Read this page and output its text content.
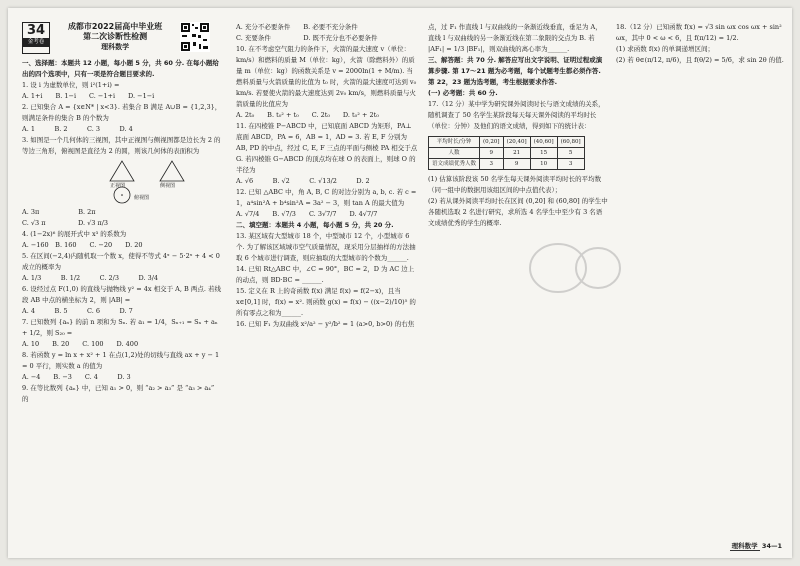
34
金考卷

成都市2022届高中毕业班
第二次诊断性检测
理科数学

一、选择题：本题共 12 小题，每小题 5 分，共 60 分. 在每小题给出的四个选项中，只有一项是符合题目要求的.

1. 设 i 为虚数单位，则 i²(1+i) =

A. 1+i　　B. 1−i　　C. −1+i　　D. −1−i

2. 已知集合 A = {x∈N* | x<3}. 若集合 B 满足 A∪B = {1,2,3}，则满足条件的集合 B 的个数为

A. 1　　　B. 2　　　C. 3　　　D. 4

3. 如图是一个几何体的三视图，其中正视图与侧视图都是边长为 2 的等边三角形，俯视图是直径为 2 的圆，则该几何体的表面积为

正视图	侧视图
俯视图

A. 3π　　　　　　B. 2π

C. √3 π　　　　　D. √3 π/3

4. (1−2x)⁶ 的展开式中 x³ 的系数为

A. −160　B. 160　　C. −20　　D. 20

5. 在区间(−2,4)内随机取一个数 x，使得不等式 4ˣ − 5·2ˣ + 4 < 0 成立的概率为

A. 1/3　　　B. 1/2　　　C. 2/3　　　D. 3/4

6. 设经过点 F(1,0) 的直线与抛物线 y² = 4x 相交于 A, B 两点. 若线段 AB 中点的横坐标为 2，则 |AB| =

A. 4　　　B. 5　　　C. 6　　　D. 7

7. 已知数列 {aₙ} 的前 n 项和为 Sₙ. 若 a₁ = 1/4，Sₙ₊₁ = Sₙ + aₙ + 1/2，则 S₂₀ =

A. 10　　B. 20　　C. 100　　D. 400

8. 若函数 y = ln x + x² + 1 在点(1,2)处的切线与直线 ax + y − 1 = 0 平行，则实数 a 的值为

A. −4　　B. −3　　C. 4　　　D. 3

9. 在等比数列 {aₙ} 中，已知 a₁ > 0，则 “a₂ > a₃” 是 “a₃ > a₄” 的

A. 充分不必要条件　　B. 必要不充分条件

C. 充要条件　　　　　D. 既不充分也不必要条件

10. 在不考虑空气阻力的条件下，火箭的最大速度 v（单位：km/s）和燃料的质量 M（单位：kg），火箭（除燃料外）的质量 m（单位：kg）的函数关系是 v = 2000ln(1 + M/m). 当燃料质量与火箭质量的比值为 t₀ 时，火箭的最大速度可达到 v₀ km/s. 若要使火箭的最大速度达到 2v₀ km/s，则燃料质量与火箭质量的比值应为

A. 2t₀　　B. t₀² + t₀　　C. 2t₀　　D. t₀² + 2t₀

11. 在四棱锥 P−ABCD 中，已知底面 ABCD 为矩形，PA⊥底面 ABCD，PA = 6，AB = 1，AD = 3. 若 E, F 分别为 AB, PD 的中点，经过 C, E, F 三点的平面与侧棱 PA 相交于点 G. 若四棱锥 G−ABCD 的顶点均在球 O 的表面上，则球 O 的半径为

A. √6　　　B. √2　　　C. √13/2　　　D. 2

12. 已知 △ABC 中，角 A, B, C 的对边分别为 a, b, c. 若 c = 1，a⁴sin²A + b⁴sin²A = 3a² − 3，则 tan A 的最大值为

A. √7/4　　B. √7/3　　C. 3√7/7　　D. 4√7/7

二、填空题：本题共 4 小题，每小题 5 分，共 20 分.

13. 某区域有大型城市 18 个，中型城市 12 个，小型城市 6 个. 为了解该区域城市空气质量情况，现采用分层抽样的方法抽取 6 个城市进行调查，则应抽取的大型城市的个数为______.

14. 已知 Rt△ABC 中，∠C = 90°，BC = 2，D 为 AC 边上的动点，则 BD·BC = ______.

15. 定义在 R 上的奇函数 f(x) 满足 f(x) = f(2−x)，且当 x∈[0,1] 时，f(x) = x². 则函数 g(x) = f(x) − ((x−2)/10)⁵ 的所有零点之和为______.

16. 已知 F₁ 为双曲线 x²/a² − y²/b² = 1 (a>0, b>0) 的右焦

点，过 F₁ 作直线 l 与双曲线的一条渐近线垂直，垂足为 A，直线 l 与双曲线的另一条渐近线在第二象限的交点为 B. 若 |AF₁| = 1/3 |BF₁|，则双曲线的离心率为______.

三、解答题：共 70 分. 解答应写出文字说明、证明过程或演算步骤. 第 17～21 题为必考题，每个试题考生都必须作答. 第 22，23 题为选考题，考生根据要求作答.

(一) 必考题：共 60 分.

17.（12 分）某中学为研究课外阅读时长与语文成绩的关系，随机调查了 50 名学生某阶段每天每天课外阅读的平均时长（单位：分钟）及他们的语文成绩，得到如下的统计表：

平均时长/分钟	(0,20]	(20,40]	(40,60]	(60,80]
人数	9	21	15	5
语文成绩优秀人数	3	9	10	3

(1) 估算该阶段该 50 名学生每天课外阅读平均时长的平均数（同一组中的数据用该组区间的中点值代表）；

(2) 若从课外阅读平均时长在区间 (0,20] 和 (60,80] 的学生中各随机选取 2 名进行研究，求所选 4 名学生中至少有 3 名语文成绩优秀的学生的概率.

18.（12 分）已知函数 f(x) = √3 sin ωx cos ωx + sin² ωx，其中 0 < ω < 6，且 f(π/12) = 1/2.

(1) 求函数 f(x) 的单调递增区间；

(2) 若 θ∈(π/12, π/6)，且 f(θ/2) = 5/6，求 sin 2θ 的值.

理科数学 34—1
